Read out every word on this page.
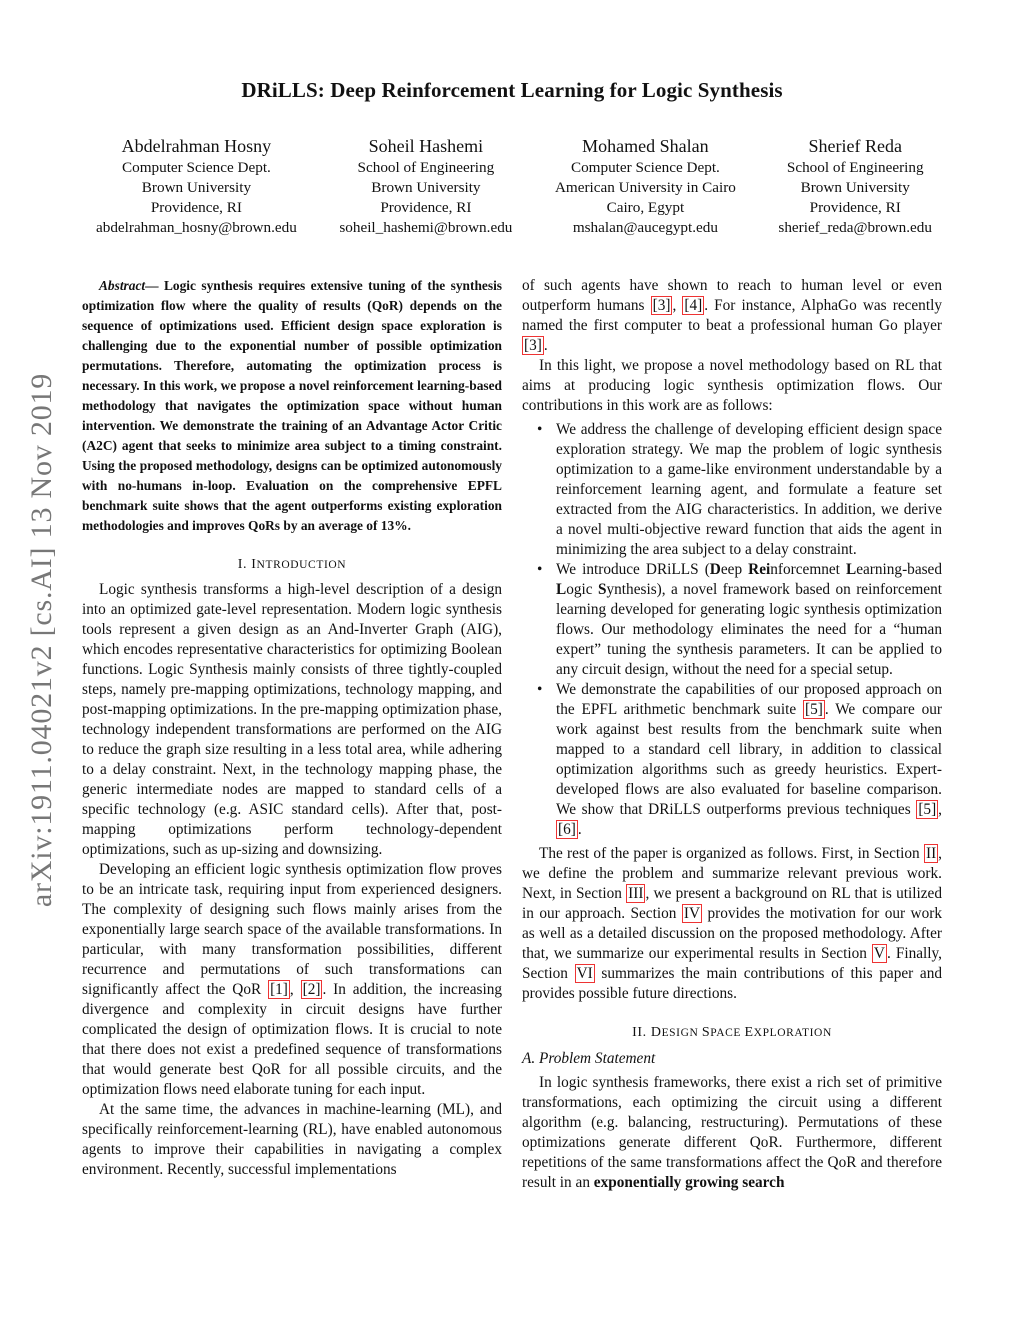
DRiLLS: Deep Reinforcement Learning for Logic Synthesis
Abdelrahman Hosny
Computer Science Dept.
Brown University
Providence, RI
abdelrahman_hosny@brown.edu
Soheil Hashemi
School of Engineering
Brown University
Providence, RI
soheil_hashemi@brown.edu
Mohamed Shalan
Computer Science Dept.
American University in Cairo
Cairo, Egypt
mshalan@aucegypt.edu
Sherief Reda
School of Engineering
Brown University
Providence, RI
sherief_reda@brown.edu
arXiv:1911.04021v2 [cs.AI] 13 Nov 2019

Abstract— Logic synthesis requires extensive tuning of the synthesis optimization flow where the quality of results (QoR) depends on the sequence of optimizations used. Efficient design space exploration is challenging due to the exponential number of possible optimization permutations. Therefore, automating the optimization process is necessary. In this work, we propose a novel reinforcement learning-based methodology that navigates the optimization space without human intervention. We demonstrate the training of an Advantage Actor Critic (A2C) agent that seeks to minimize area subject to a timing constraint. Using the proposed methodology, designs can be optimized autonomously with no-humans in-loop. Evaluation on the comprehensive EPFL benchmark suite shows that the agent outperforms existing exploration methodologies and improves QoRs by an average of 13%.

I. INTRODUCTION

Logic synthesis transforms a high-level description of a design into an optimized gate-level representation. Modern logic synthesis tools represent a given design as an And-Inverter Graph (AIG), which encodes representative characteristics for optimizing Boolean functions. Logic Synthesis mainly consists of three tightly-coupled steps, namely pre-mapping optimizations, technology mapping, and post-mapping optimizations. In the pre-mapping optimization phase, technology independent transformations are performed on the AIG to reduce the graph size resulting in a less total area, while adhering to a delay constraint. Next, in the technology mapping phase, the generic intermediate nodes are mapped to standard cells of a specific technology (e.g. ASIC standard cells). After that, post-mapping optimizations perform technology-dependent optimizations, such as up-sizing and downsizing.

Developing an efficient logic synthesis optimization flow proves to be an intricate task, requiring input from experienced designers. The complexity of designing such flows mainly arises from the exponentially large search space of the available transformations. In particular, with many transformation possibilities, different recurrence and permutations of such transformations can significantly affect the QoR [1] , [2] . In addition, the increasing divergence and complexity in circuit designs have further complicated the design of optimization flows. It is crucial to note that there does not exist a predefined sequence of transformations that would generate best QoR for all possible circuits, and the optimization flows need elaborate tuning for each input.

At the same time, the advances in machine-learning (ML), and specifically reinforcement-learning (RL), have enabled autonomous agents to improve their capabilities in navigating a complex environment. Recently, successful implementations

of such agents have shown to reach to human level or even outperform humans [3] , [4] . For instance, AlphaGo was recently named the first computer to beat a professional human Go player [3] .

In this light, we propose a novel methodology based on RL that aims at producing logic synthesis optimization flows. Our contributions in this work are as follows:

• We address the challenge of developing efficient design space exploration strategy. We map the problem of logic synthesis optimization to a game-like environment understandable by a reinforcement learning agent, and formulate a feature set extracted from the AIG characteristics. In addition, we derive a novel multi-objective reward function that aids the agent in minimizing the area subject to a delay constraint.
• We introduce DRiLLS (Deep Reinforcemnet Learning-based Logic Synthesis), a novel framework based on reinforcement learning developed for generating logic synthesis optimization flows. Our methodology eliminates the need for a “human expert” tuning the synthesis parameters. It can be applied to any circuit design, without the need for a special setup.
• We demonstrate the capabilities of our proposed approach on the EPFL arithmetic benchmark suite [5] . We compare our work against best results from the benchmark suite when mapped to a standard cell library, in addition to classical optimization algorithms such as greedy heuristics. Expert-developed flows are also evaluated for baseline comparison. We show that DRiLLS outperforms previous techniques [5] , [6] .

The rest of the paper is organized as follows. First, in Section II , we define the problem and summarize relevant previous work. Next, in Section III , we present a background on RL that is utilized in our approach. Section IV provides the motivation for our work as well as a detailed discussion on the proposed methodology. After that, we summarize our experimental results in Section V . Finally, Section VI summarizes the main contributions of this paper and provides possible future directions.

II. DESIGN SPACE EXPLORATION
A. Problem Statement

In logic synthesis frameworks, there exist a rich set of primitive transformations, each optimizing the circuit using a different algorithm (e.g. balancing, restructuring). Permutations of these optimizations generate different QoR. Furthermore, different repetitions of the same transformations affect the QoR and therefore result in an exponentially growing search
